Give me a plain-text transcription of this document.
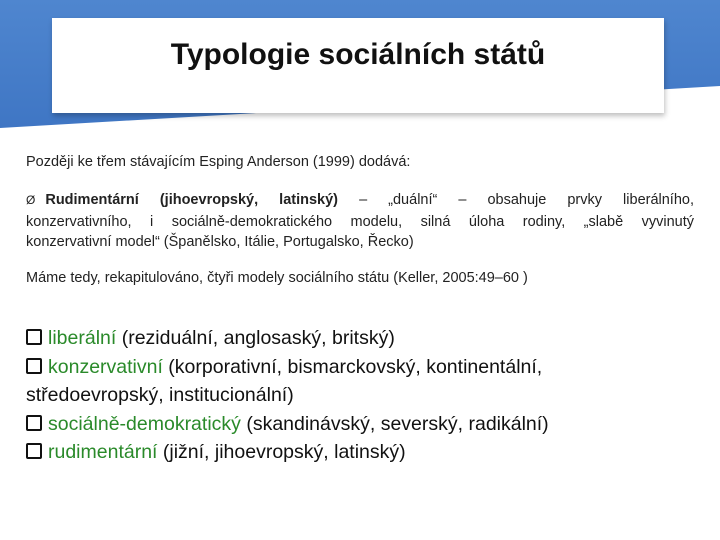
Typologie sociálních států
Později ke třem stávajícím Esping Anderson (1999) dodává:
Ø Rudimentární (jihoevropský, latinský) – „duální“ – obsahuje prvky liberálního,
konzervativního, i sociálně-demokratického modelu, silná úloha rodiny, „slabě vyvinutý
konzervativní model“ (Španělsko, Itálie, Portugalsko, Řecko)
Máme tedy, rekapitulováno, čtyři modely sociálního státu (Keller, 2005:49–60 )
liberální (reziduální, anglosaský, britský)
konzervativní (korporativní, bismarckovský, kontinentální,
středoevropský, institucionální)
sociálně-demokratický (skandinávský, severský, radikální)
rudimentární (jižní, jihoevropský, latinský)
